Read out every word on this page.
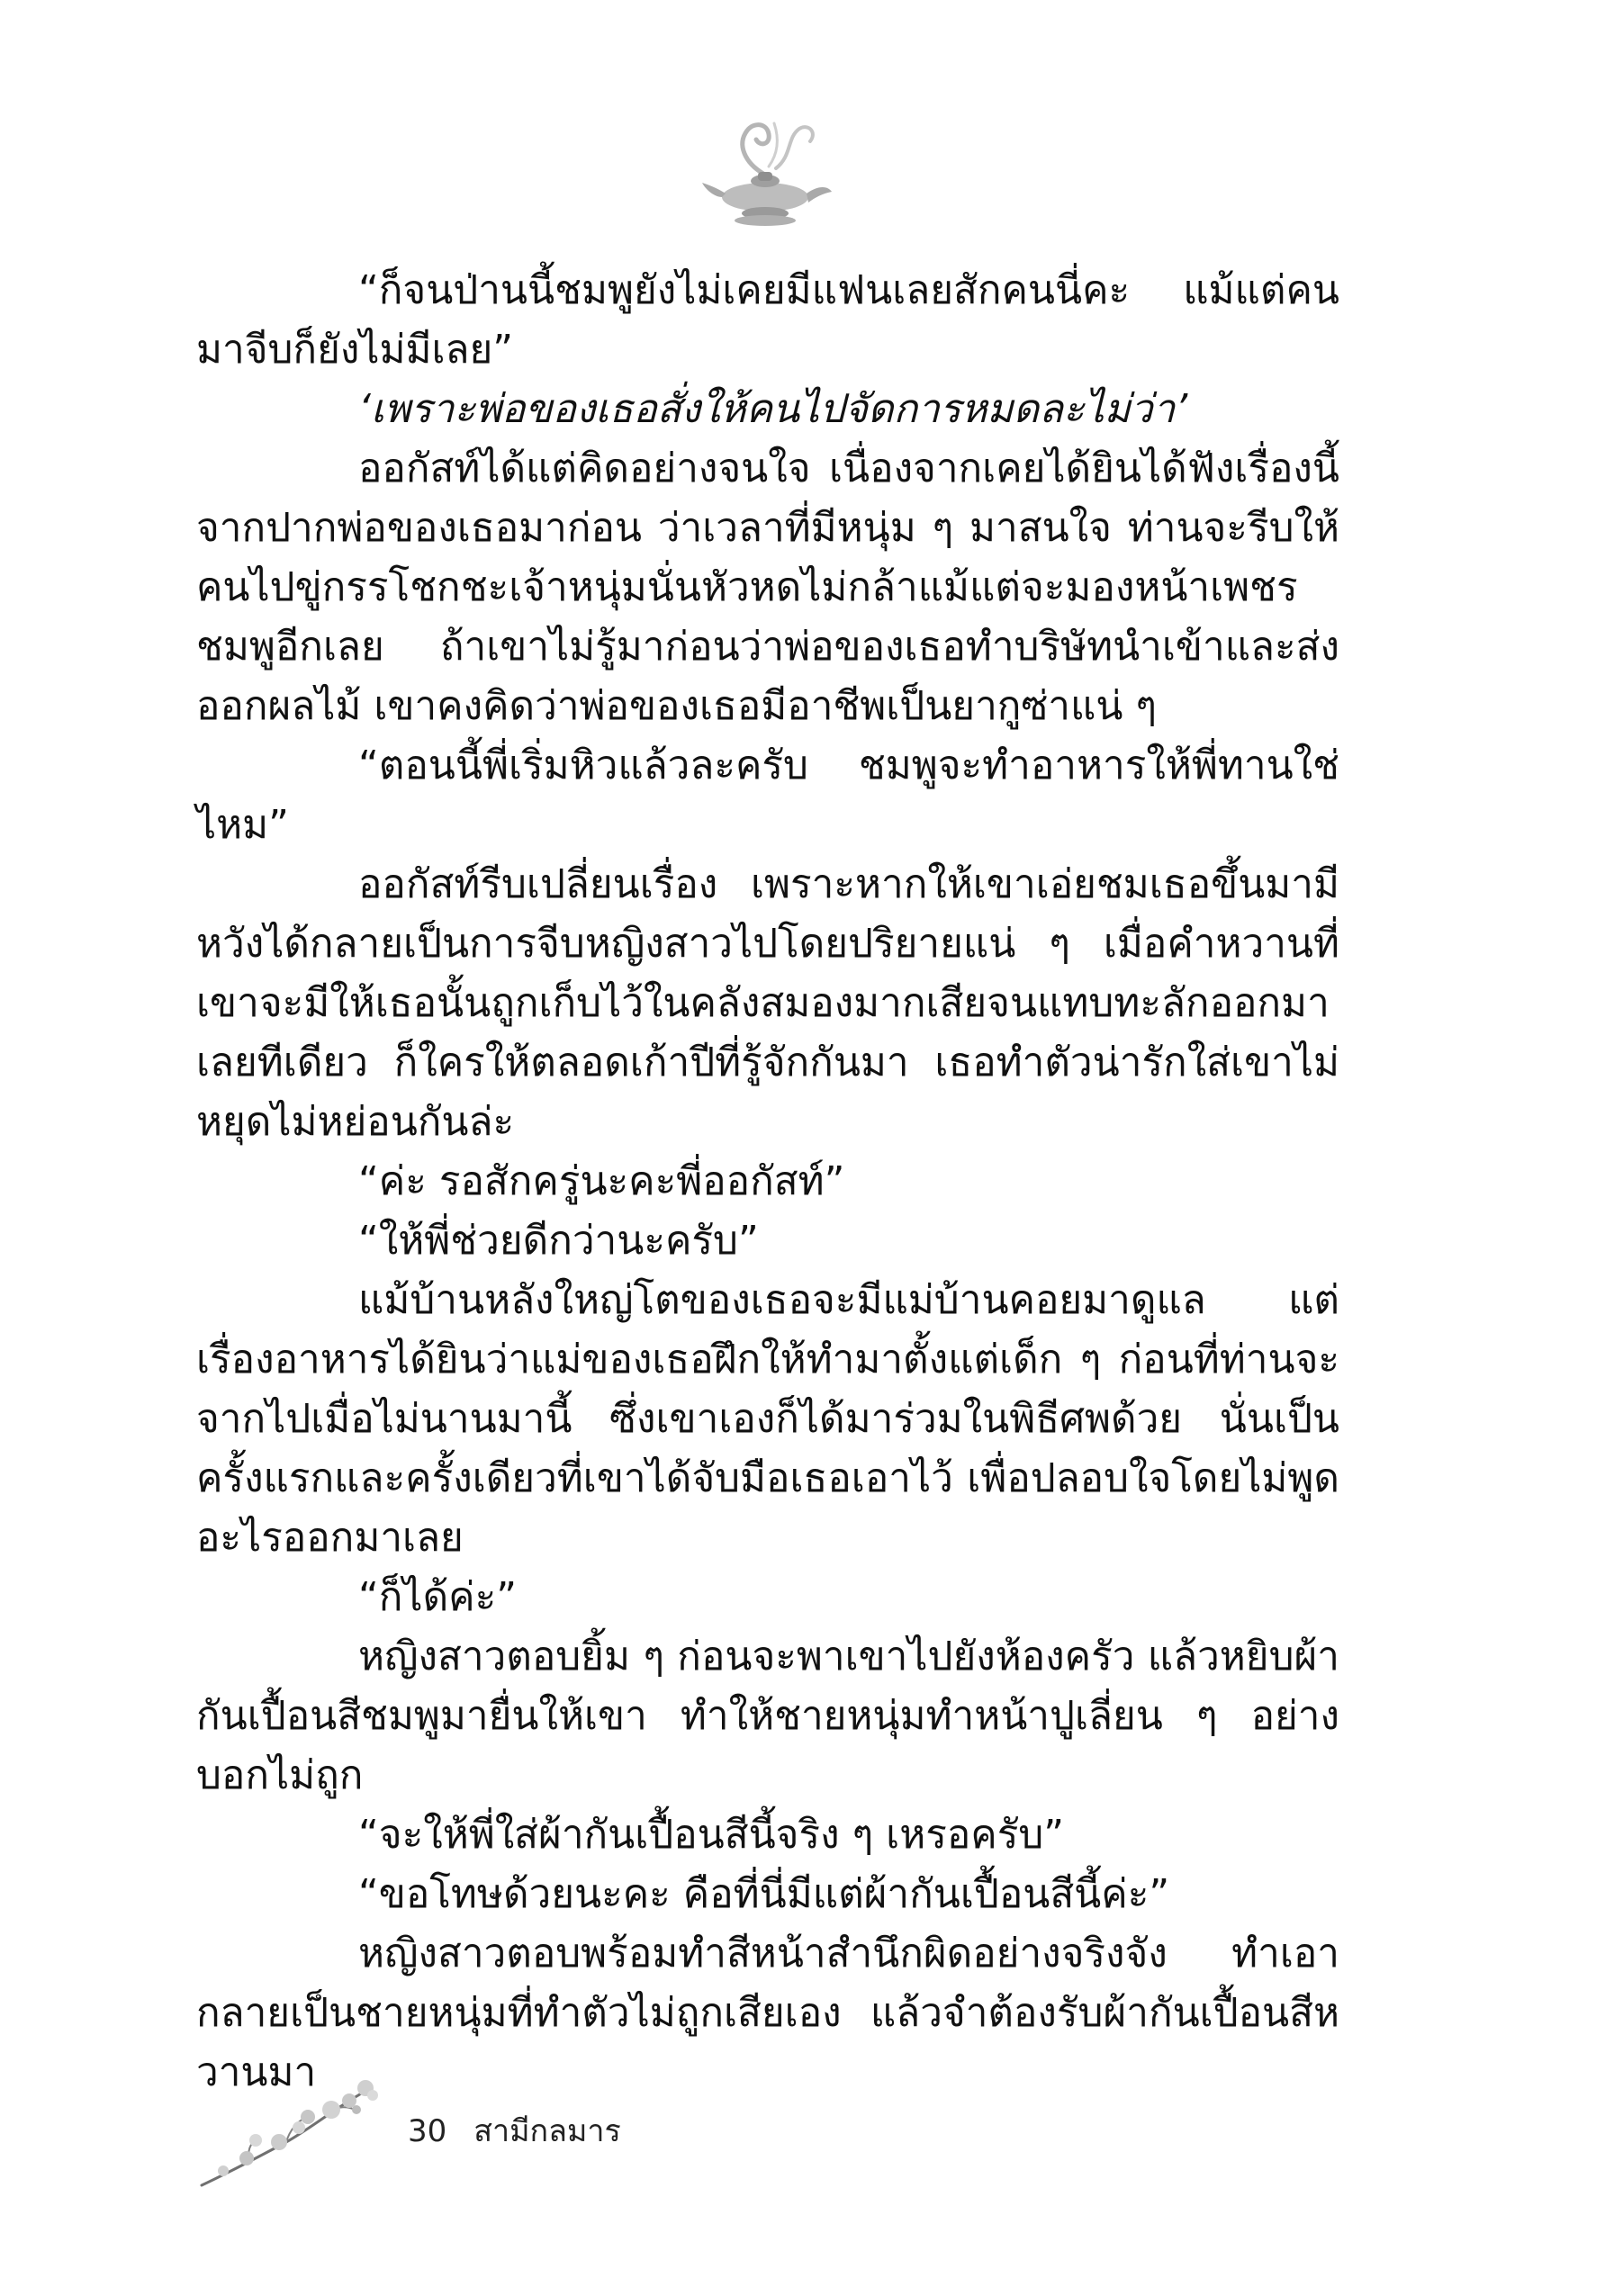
“ก็จนป่านนี้ชมพูยังไม่เคยมีแฟนเลยสักคนนี่คะ แม้แต่คนมาจีบก็ยังไม่มีเลย”

‘เพราะพ่อของเธอสั่งให้คนไปจัดการหมดละไม่ว่า’

ออกัสท์ได้แต่คิดอย่างจนใจ เนื่องจากเคยได้ยินได้ฟังเรื่องนี้จากปากพ่อของเธอมาก่อน ว่าเวลาที่มีหนุ่ม ๆ มาสนใจ ท่านจะรีบให้คนไปขู่กรรโชกชะเจ้าหนุ่มนั่นหัวหดไม่กล้าแม้แต่จะมองหน้าเพชรชมพูอีกเลย ถ้าเขาไม่รู้มาก่อนว่าพ่อของเธอทำบริษัทนำเข้าและส่งออกผลไม้ เขาคงคิดว่าพ่อของเธอมีอาชีพเป็นยากูซ่าแน่ ๆ

“ตอนนี้พี่เริ่มหิวแล้วละครับ ชมพูจะทำอาหารให้พี่ทานใช่ไหม”

ออกัสท์รีบเปลี่ยนเรื่อง เพราะหากให้เขาเอ่ยชมเธอขึ้นมามีหวังได้กลายเป็นการจีบหญิงสาวไปโดยปริยายแน่ ๆ เมื่อคำหวานที่เขาจะมีให้เธอนั้นถูกเก็บไว้ในคลังสมองมากเสียจนแทบทะลักออกมาเลยทีเดียว ก็ใครให้ตลอดเก้าปีที่รู้จักกันมา เธอทำตัวน่ารักใส่เขาไม่หยุดไม่หย่อนกันล่ะ

“ค่ะ รอสักครู่นะคะพี่ออกัสท์”

“ให้พี่ช่วยดีกว่านะครับ”

แม้บ้านหลังใหญ่โตของเธอจะมีแม่บ้านคอยมาดูแล แต่เรื่องอาหารได้ยินว่าแม่ของเธอฝึกให้ทำมาตั้งแต่เด็ก ๆ ก่อนที่ท่านจะจากไปเมื่อไม่นานมานี้ ซึ่งเขาเองก็ได้มาร่วมในพิธีศพด้วย นั่นเป็นครั้งแรกและครั้งเดียวที่เขาได้จับมือเธอเอาไว้ เพื่อปลอบใจโดยไม่พูดอะไรออกมาเลย

“ก็ได้ค่ะ”

หญิงสาวตอบยิ้ม ๆ ก่อนจะพาเขาไปยังห้องครัว แล้วหยิบผ้ากันเปื้อนสีชมพูมายื่นให้เขา ทำให้ชายหนุ่มทำหน้าปูเลี่ยน ๆ อย่างบอกไม่ถูก

“จะให้พี่ใส่ผ้ากันเปื้อนสีนี้จริง ๆ เหรอครับ”

“ขอโทษด้วยนะคะ คือที่นี่มีแต่ผ้ากันเปื้อนสีนี้ค่ะ”

หญิงสาวตอบพร้อมทำสีหน้าสำนึกผิดอย่างจริงจัง ทำเอากลายเป็นชายหนุ่มที่ทำตัวไม่ถูกเสียเอง แล้วจำต้องรับผ้ากันเปื้อนสีหวานมา

30 สามีกลมาร
